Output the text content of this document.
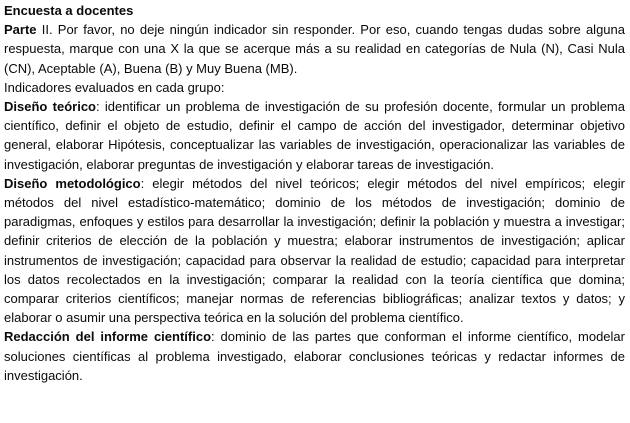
Encuesta a docentes

Parte II. Por favor, no deje ningún indicador sin responder. Por eso, cuando tengas dudas sobre alguna respuesta, marque con una X la que se acerque más a su realidad en categorías de Nula (N), Casi Nula (CN), Aceptable (A), Buena (B) y Muy Buena (MB).

Indicadores evaluados en cada grupo:

Diseño teórico: identificar un problema de investigación de su profesión docente, formular un problema científico, definir el objeto de estudio, definir el campo de acción del investigador, determinar objetivo general, elaborar Hipótesis, conceptualizar las variables de investigación, operacionalizar las variables de investigación, elaborar preguntas de investigación y elaborar tareas de investigación.

Diseño metodológico: elegir métodos del nivel teóricos; elegir métodos del nivel empíricos; elegir métodos del nivel estadístico-matemático; dominio de los métodos de investigación; dominio de paradigmas, enfoques y estilos para desarrollar la investigación; definir la población y muestra a investigar; definir criterios de elección de la población y muestra; elaborar instrumentos de investigación; aplicar instrumentos de investigación; capacidad para observar la realidad de estudio; capacidad para interpretar los datos recolectados en la investigación; comparar la realidad con la teoría científica que domina; comparar criterios científicos; manejar normas de referencias bibliográficas; analizar textos y datos; y elaborar o asumir una perspectiva teórica en la solución del problema científico.

Redacción del informe científico: dominio de las partes que conforman el informe científico, modelar soluciones científicas al problema investigado, elaborar conclusiones teóricas y redactar informes de investigación.
